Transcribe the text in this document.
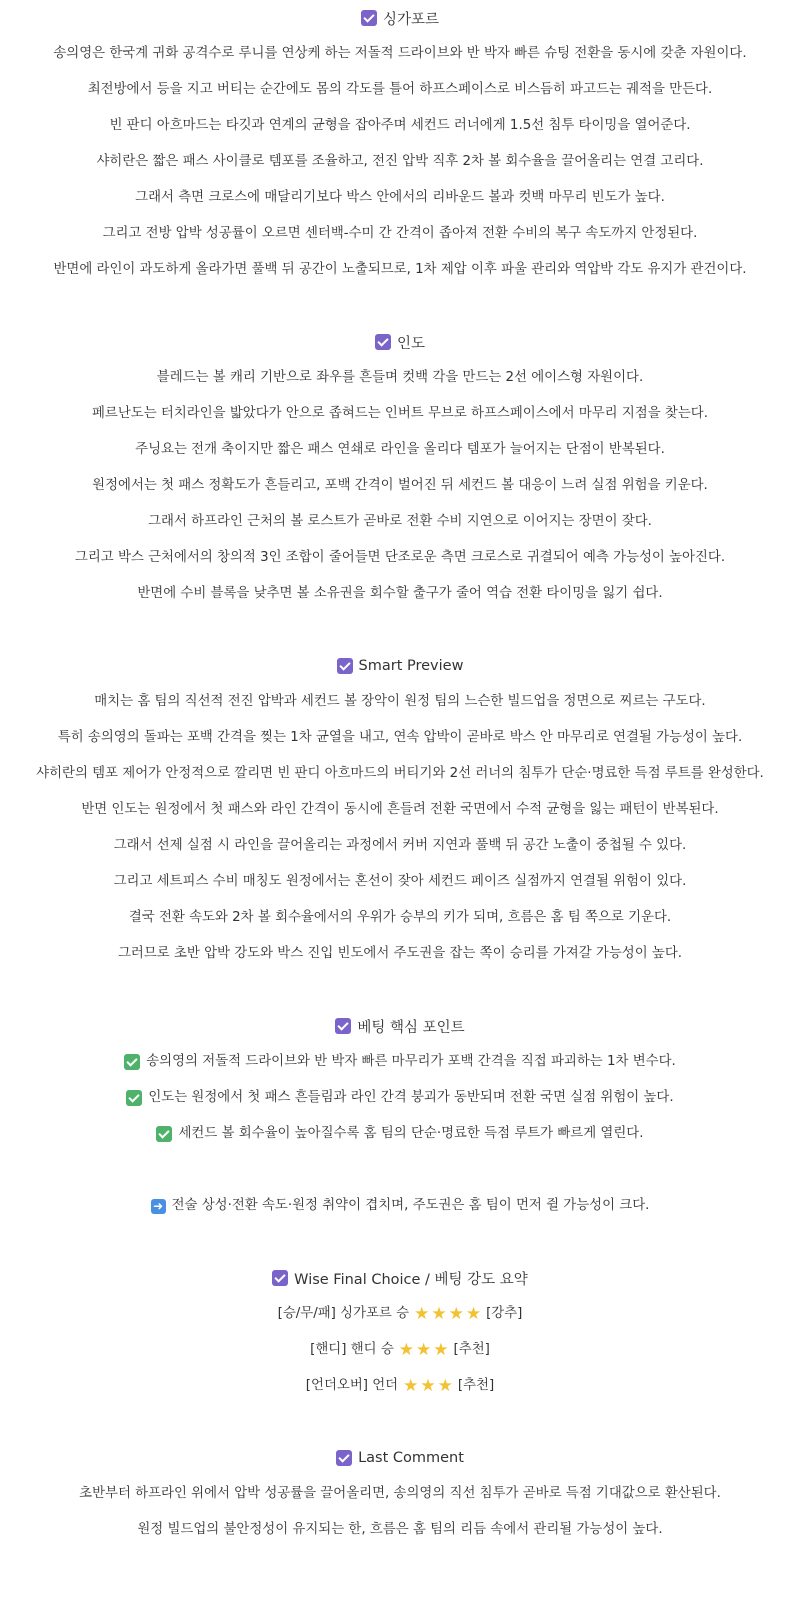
싱가포르
송의영은 한국계 귀화 공격수로 루니를 연상케 하는 저돌적 드라이브와 반 박자 빠른 슈팅 전환을 동시에 갖춘 자원이다.
최전방에서 등을 지고 버티는 순간에도 몸의 각도를 틀어 하프스페이스로 비스듬히 파고드는 궤적을 만든다.
빈 판디 아흐마드는 타깃과 연계의 균형을 잡아주며 세컨드 러너에게 1.5선 침투 타이밍을 열어준다.
샤히란은 짧은 패스 사이클로 템포를 조율하고, 전진 압박 직후 2차 볼 회수율을 끌어올리는 연결 고리다.
그래서 측면 크로스에 매달리기보다 박스 안에서의 리바운드 볼과 컷백 마무리 빈도가 높다.
그리고 전방 압박 성공률이 오르면 센터백-수미 간 간격이 좁아져 전환 수비의 복구 속도까지 안정된다.
반면에 라인이 과도하게 올라가면 풀백 뒤 공간이 노출되므로, 1차 제압 이후 파울 관리와 역압박 각도 유지가 관건이다.
인도
블레드는 볼 캐리 기반으로 좌우를 흔들며 컷백 각을 만드는 2선 에이스형 자원이다.
페르난도는 터치라인을 밟았다가 안으로 좁혀드는 인버트 무브로 하프스페이스에서 마무리 지점을 찾는다.
주닝요는 전개 축이지만 짧은 패스 연쇄로 라인을 올리다 템포가 늘어지는 단점이 반복된다.
원정에서는 첫 패스 정확도가 흔들리고, 포백 간격이 벌어진 뒤 세컨드 볼 대응이 느려 실점 위험을 키운다.
그래서 하프라인 근처의 볼 로스트가 곧바로 전환 수비 지연으로 이어지는 장면이 잦다.
그리고 박스 근처에서의 창의적 3인 조합이 줄어들면 단조로운 측면 크로스로 귀결되어 예측 가능성이 높아진다.
반면에 수비 블록을 낮추면 볼 소유권을 회수할 출구가 줄어 역습 전환 타이밍을 잃기 쉽다.
Smart Preview
매치는 홈 팀의 직선적 전진 압박과 세컨드 볼 장악이 원정 팀의 느슨한 빌드업을 정면으로 찌르는 구도다.
특히 송의영의 돌파는 포백 간격을 찢는 1차 균열을 내고, 연속 압박이 곧바로 박스 안 마무리로 연결될 가능성이 높다.
샤히란의 템포 제어가 안정적으로 깔리면 빈 판디 아흐마드의 버티기와 2선 러너의 침투가 단순·명료한 득점 루트를 완성한다.
반면 인도는 원정에서 첫 패스와 라인 간격이 동시에 흔들려 전환 국면에서 수적 균형을 잃는 패턴이 반복된다.
그래서 선제 실점 시 라인을 끌어올리는 과정에서 커버 지연과 풀백 뒤 공간 노출이 중첩될 수 있다.
그리고 세트피스 수비 매칭도 원정에서는 혼선이 잦아 세컨드 페이즈 실점까지 연결될 위험이 있다.
결국 전환 속도와 2차 볼 회수율에서의 우위가 승부의 키가 되며, 흐름은 홈 팀 쪽으로 기운다.
그러므로 초반 압박 강도와 박스 진입 빈도에서 주도권을 잡는 쪽이 승리를 가져갈 가능성이 높다.
베팅 핵심 포인트
송의영의 저돌적 드라이브와 반 박자 빠른 마무리가 포백 간격을 직접 파괴하는 1차 변수다.
인도는 원정에서 첫 패스 흔들림과 라인 간격 붕괴가 동반되며 전환 국면 실점 위험이 높다.
세컨드 볼 회수율이 높아질수록 홈 팀의 단순·명료한 득점 루트가 빠르게 열린다.
➜ 전술 상성·전환 속도·원정 취약이 겹치며, 주도권은 홈 팀이 먼저 쥘 가능성이 크다.
Wise Final Choice / 베팅 강도 요약
[승/무/패] 싱가포르 승 ★ ★ ★ ★ [강추]
[핸디] 핸디 승 ★ ★ ★ [추천]
[언더오버] 언더 ★ ★ ★ [추천]
Last Comment
초반부터 하프라인 위에서 압박 성공률을 끌어올리면, 송의영의 직선 침투가 곧바로 득점 기대값으로 환산된다.
원정 빌드업의 불안정성이 유지되는 한, 흐름은 홈 팀의 리듬 속에서 관리될 가능성이 높다.
